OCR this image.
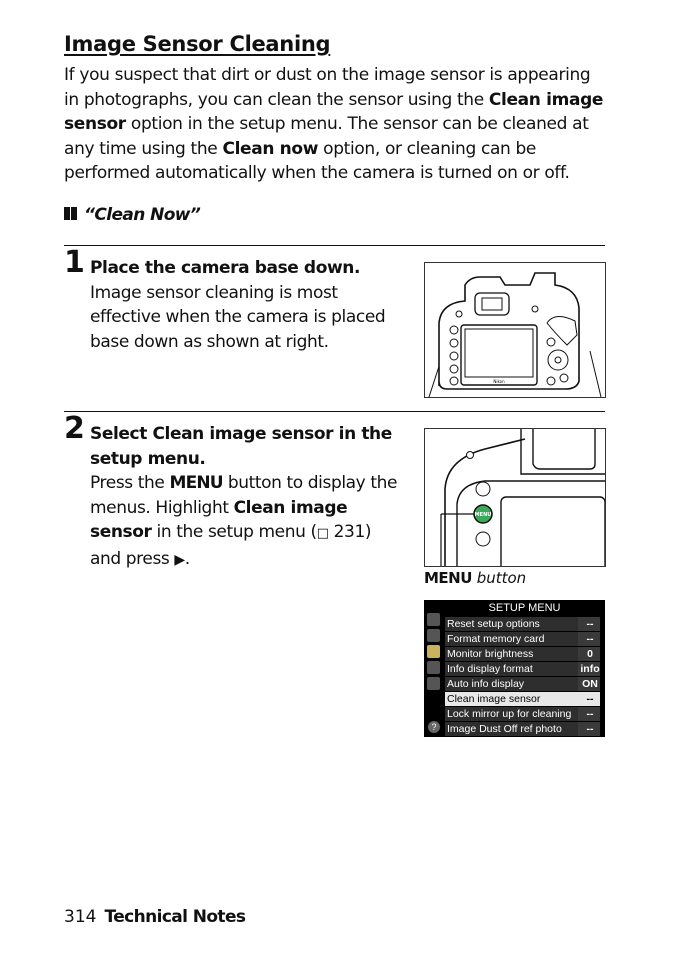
Image Sensor Cleaning
If you suspect that dirt or dust on the image sensor is appearing in photographs, you can clean the sensor using the Clean image sensor option in the setup menu. The sensor can be cleaned at any time using the Clean now option, or cleaning can be performed automatically when the camera is turned on or off.
“Clean Now”
1 Place the camera base down.
Image sensor cleaning is most effective when the camera is placed base down as shown at right.
Nikon
2 Select Clean image sensor in the setup menu.
Press the MENU button to display the menus. Highlight Clean image sensor in the setup menu (□ 231) and press ▶.
MENU
MENU button
SETUP MENU
Reset setup options	--
Format memory card	--
Monitor brightness	0
Info display format	info
Auto info display	ON
Clean image sensor	--
Lock mirror up for cleaning	--
Image Dust Off ref photo	--
?
314 Technical Notes
